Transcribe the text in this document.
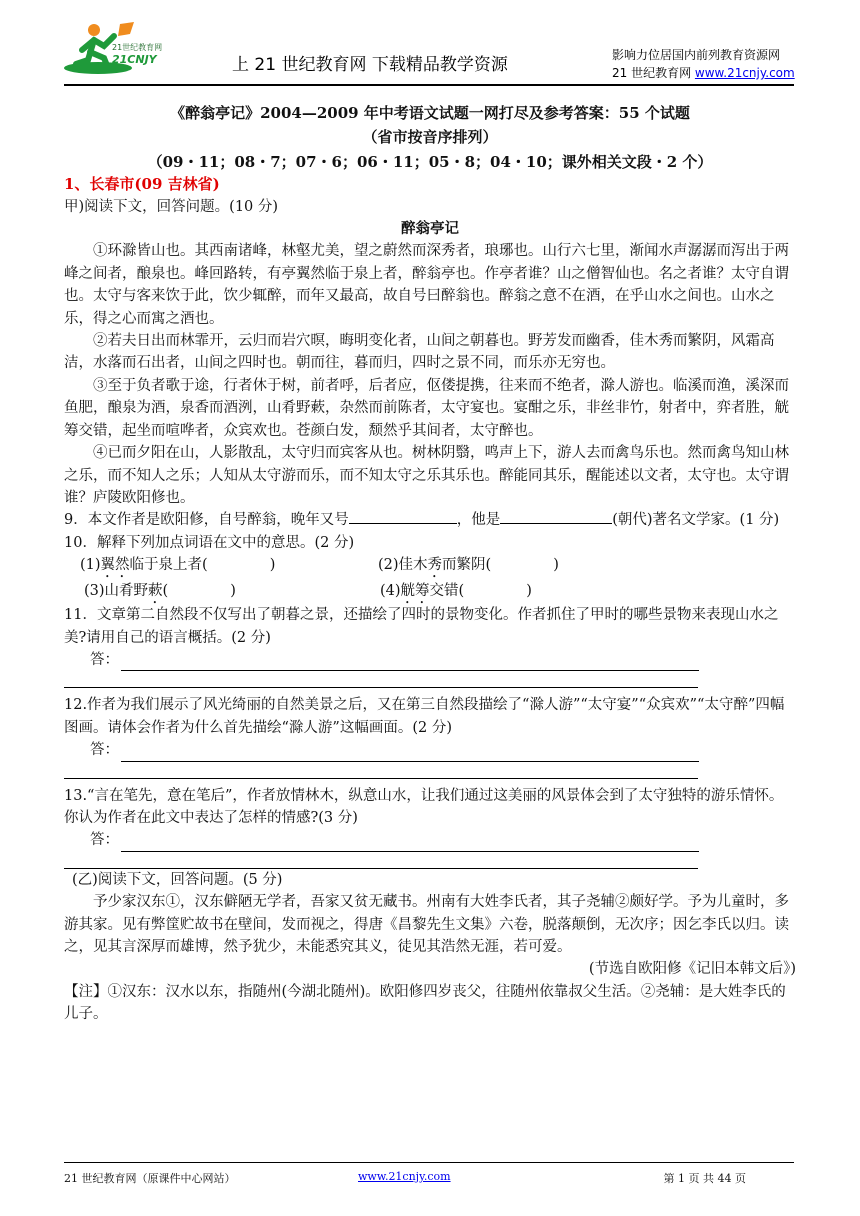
21世纪教育网
21CNJY	上 21 世纪教育网 下载精品教学资源	影响力位居国内前列教育资源网
21 世纪教育网 www.21cnjy.com
《醉翁亭记》2004—2009 年中考语文试题一网打尽及参考答案：55 个试题
（省市按音序排列）
（09・11；08・7；07・6；06・11；05・8；04・10；课外相关文段・2 个）
1、长春市(09 吉林省)
甲)阅读下文，回答问题。(10 分)
醉翁亭记
①环滁皆山也。其西南诸峰，林壑尤美，望之蔚然而深秀者，琅琊也。山行六七里，渐闻水声潺潺而泻出于两峰之间者，酿泉也。峰回路转，有亭翼然临于泉上者，醉翁亭也。作亭者谁？山之僧智仙也。名之者谁？太守自谓也。太守与客来饮于此，饮少辄醉，而年又最高，故自号曰醉翁也。醉翁之意不在酒，在乎山水之间也。山水之乐，得之心而寓之酒也。
②若夫日出而林霏开，云归而岩穴暝，晦明变化者，山间之朝暮也。野芳发而幽香，佳木秀而繁阴，风霜高洁，水落而石出者，山间之四时也。朝而往，暮而归，四时之景不同，而乐亦无穷也。
③至于负者歌于途，行者休于树，前者呼，后者应，伛偻提携，往来而不绝者，滁人游也。临溪而渔，溪深而鱼肥，酿泉为酒，泉香而酒洌，山肴野蔌，杂然而前陈者，太守宴也。宴酣之乐，非丝非竹，射者中，弈者胜，觥筹交错，起坐而喧哗者，众宾欢也。苍颜白发，颓然乎其间者，太守醉也。
④已而夕阳在山，人影散乱，太守归而宾客从也。树林阴翳，鸣声上下，游人去而禽鸟乐也。然而禽鸟知山林之乐，而不知人之乐；人知从太守游而乐，而不知太守之乐其乐也。醉能同其乐，醒能述以文者，太守也。太守谓谁？庐陵欧阳修也。
9．本文作者是欧阳修，自号醉翁，晚年又号	，他是	(朝代)著名文学家。(1 分)
10．解释下列加点词语在文中的意思。(2 分)
(1)翼然临于泉上者(	)	(2)佳木秀而繁阴(	)
(3)山肴野蔌(	)	(4)觥筹交错(	)
11．文章第二自然段不仅写出了朝暮之景，还描绘了四时的景物变化。作者抓住了甲时的哪些景物来表现山水之美?请用自己的语言概括。(2 分)
答：
12.作者为我们展示了风光绮丽的自然美景之后，又在第三自然段描绘了“滁人游”“太守宴”“众宾欢”“太守醉”四幅图画。请体会作者为什么首先描绘“滁人游”这幅画面。(2 分)
答：
13.“言在笔先，意在笔后”，作者放情林木，纵意山水，让我们通过这美丽的风景体会到了太守独特的游乐情怀。你认为作者在此文中表达了怎样的情感?(3 分)
答：
(乙)阅读下文，回答问题。(5 分)
予少家汉东①，汉东僻陋无学者，吾家又贫无藏书。州南有大姓李氏者，其子尧辅②颇好学。予为儿童时，多游其家。见有弊筐贮故书在壁间，发而视之，得唐《昌黎先生文集》六卷，脱落颠倒，无次序；因乞李氏以归。读之，见其言深厚而雄博，然予犹少，未能悉究其义，徒见其浩然无涯，若可爱。
(节选自欧阳修《记旧本韩文后》)
【注】①汉东：汉水以东，指随州(今湖北随州)。欧阳修四岁丧父，往随州依靠叔父生活。②尧辅：是大姓李氏的儿子。
21 世纪教育网（原课件中心网站）	www.21cnjy.com	第 1 页 共 44 页
